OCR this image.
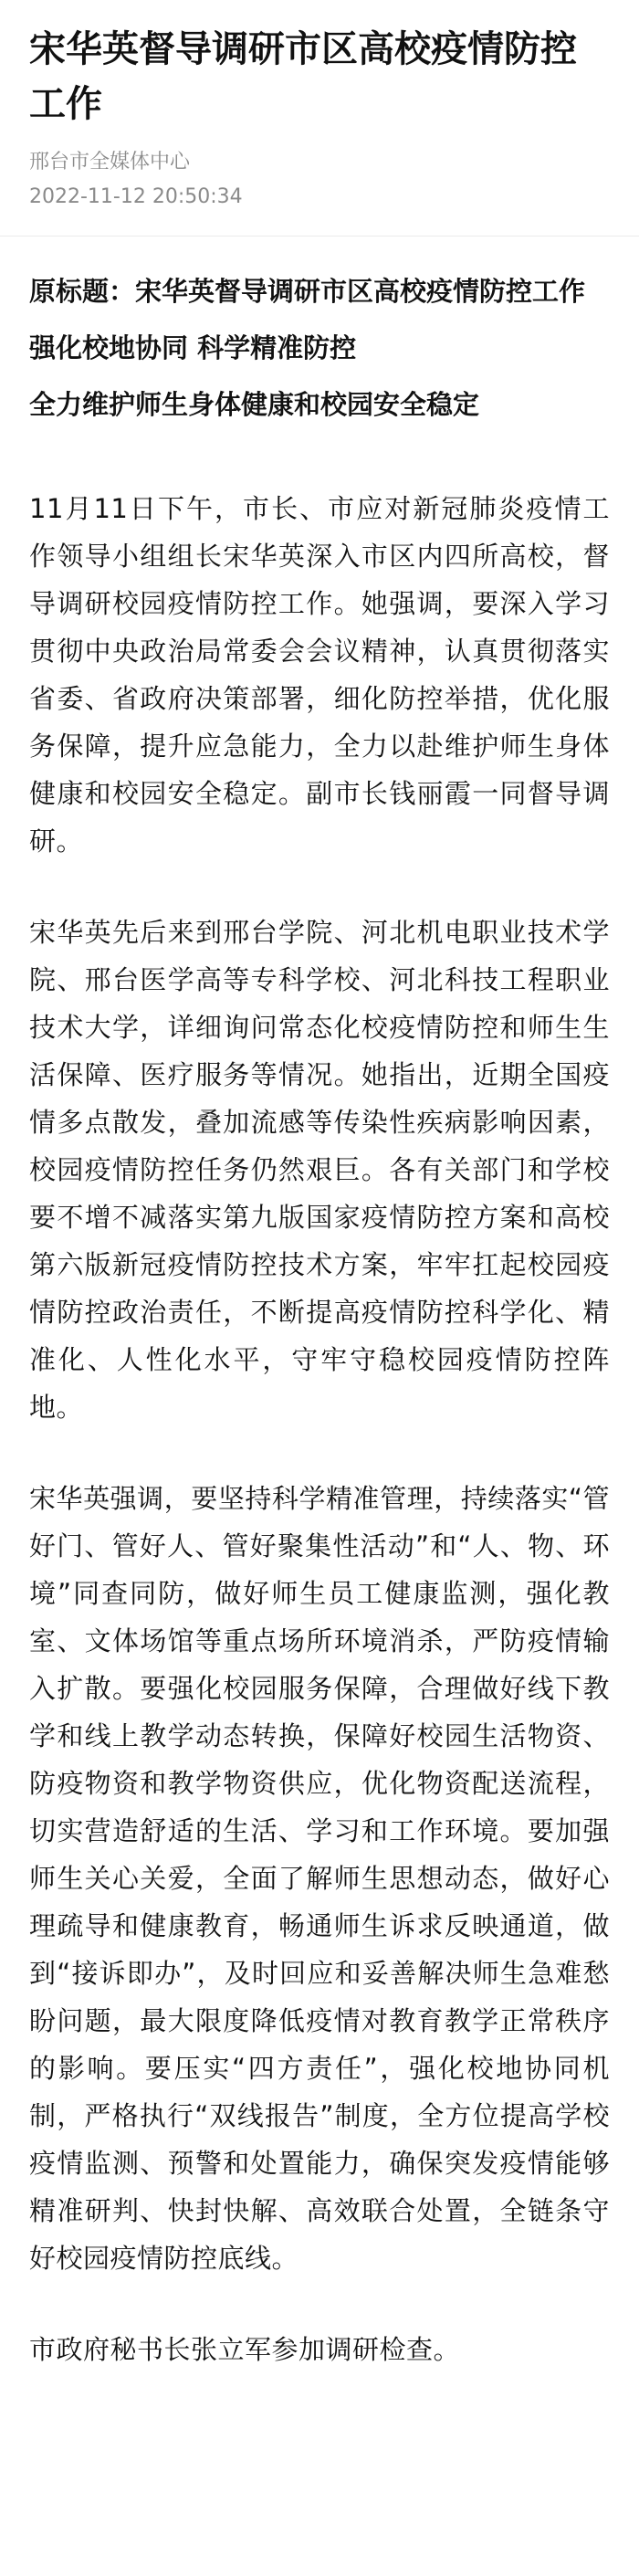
宋华英督导调研市区高校疫情防控工作

邢台市全媒体中心

2022-11-12 20:50:34

原标题：宋华英督导调研市区高校疫情防控工作

强化校地协同 科学精准防控

全力维护师生身体健康和校园安全稳定

11月11日下午，市长、市应对新冠肺炎疫情工作领导小组组长宋华英深入市区内四所高校，督导调研校园疫情防控工作。她强调，要深入学习贯彻中央政治局常委会会议精神，认真贯彻落实省委、省政府决策部署，细化防控举措，优化服务保障，提升应急能力，全力以赴维护师生身体健康和校园安全稳定。副市长钱丽霞一同督导调研。

宋华英先后来到邢台学院、河北机电职业技术学院、邢台医学高等专科学校、河北科技工程职业技术大学，详细询问常态化校疫情防控和师生生活保障、医疗服务等情况。她指出，近期全国疫情多点散发，叠加流感等传染性疾病影响因素，校园疫情防控任务仍然艰巨。各有关部门和学校要不增不减落实第九版国家疫情防控方案和高校第六版新冠疫情防控技术方案，牢牢扛起校园疫情防控政治责任，不断提高疫情防控科学化、精准化、人性化水平，守牢守稳校园疫情防控阵地。

宋华英强调，要坚持科学精准管理，持续落实“管好门、管好人、管好聚集性活动”和“人、物、环境”同查同防，做好师生员工健康监测，强化教室、文体场馆等重点场所环境消杀，严防疫情输入扩散。要强化校园服务保障，合理做好线下教学和线上教学动态转换，保障好校园生活物资、防疫物资和教学物资供应，优化物资配送流程，切实营造舒适的生活、学习和工作环境。要加强师生关心关爱，全面了解师生思想动态，做好心理疏导和健康教育，畅通师生诉求反映通道，做到“接诉即办”，及时回应和妥善解决师生急难愁盼问题，最大限度降低疫情对教育教学正常秩序的影响。要压实“四方责任”，强化校地协同机制，严格执行“双线报告”制度，全方位提高学校疫情监测、预警和处置能力，确保突发疫情能够精准研判、快封快解、高效联合处置，全链条守好校园疫情防控底线。

市政府秘书长张立军参加调研检查。
